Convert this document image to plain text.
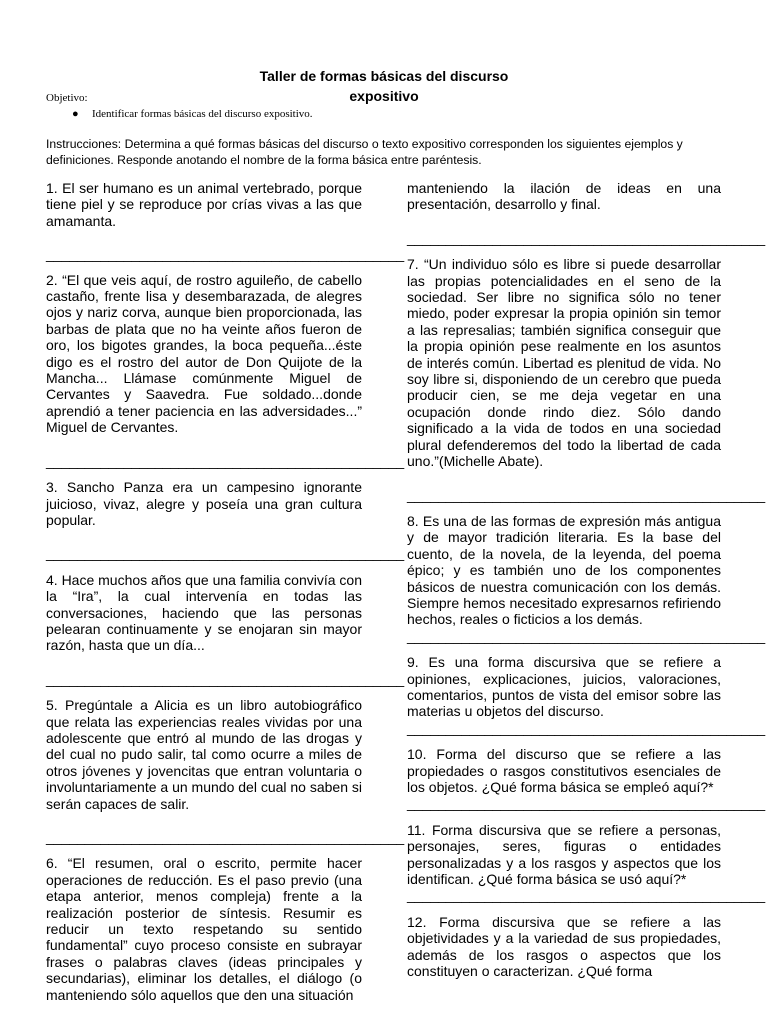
Taller de formas básicas del discurso
expositivo
Objetivo:
● Identificar formas básicas del discurso expositivo.
Instrucciones: Determina a qué formas básicas del discurso o texto expositivo corresponden los siguientes ejemplos y definiciones. Responde anotando el nombre de la forma básica entre paréntesis.

1. El ser humano es un animal vertebrado, porque tiene piel y se reproduce por crías vivas a las que amamanta.

______________________________________________

2. “El que veis aquí, de rostro aguileño, de cabello castaño, frente lisa y desembarazada, de alegres ojos y nariz corva, aunque bien proporcionada, las barbas de plata que no ha veinte años fueron de oro, los bigotes grandes, la boca pequeña...éste digo es el rostro del autor de Don Quijote de la Mancha... Llámase comúnmente Miguel de Cervantes y Saavedra. Fue soldado...donde aprendió a tener paciencia en las adversidades...” Miguel de Cervantes.

______________________________________________

3. Sancho Panza era un campesino ignorante juicioso, vivaz, alegre y poseía una gran cultura popular.

______________________________________________

4. Hace muchos años que una familia convivía con la “Ira”, la cual intervenía en todas las conversaciones, haciendo que las personas pelearan continuamente y se enojaran sin mayor razón, hasta que un día...

______________________________________________

5. Pregúntale a Alicia es un libro autobiográfico que relata las experiencias reales vividas por una adolescente que entró al mundo de las drogas y del cual no pudo salir, tal como ocurre a miles de otros jóvenes y jovencitas que entran voluntaria o involuntariamente a un mundo del cual no saben si serán capaces de salir.

______________________________________________

6. “El resumen, oral o escrito, permite hacer operaciones de reducción. Es el paso previo (una etapa anterior, menos compleja) frente a la realización posterior de síntesis. Resumir es reducir un texto respetando su sentido fundamental” cuyo proceso consiste en subrayar frases o palabras claves (ideas principales y secundarias), eliminar los detalles, el diálogo (o manteniendo sólo aquellos que den una situación

manteniendo la ilación de ideas en una presentación, desarrollo y final.

______________________________________________

7. “Un individuo sólo es libre si puede desarrollar las propias potencialidades en el seno de la sociedad. Ser libre no significa sólo no tener miedo, poder expresar la propia opinión sin temor a las represalias; también significa conseguir que la propia opinión pese realmente en los asuntos de interés común. Libertad es plenitud de vida. No soy libre si, disponiendo de un cerebro que pueda producir cien, se me deja vegetar en una ocupación donde rindo diez. Sólo dando significado a la vida de todos en una sociedad plural defenderemos del todo la libertad de cada uno.”(Michelle Abate).

______________________________________________

8. Es una de las formas de expresión más antigua y de mayor tradición literaria. Es la base del cuento, de la novela, de la leyenda, del poema épico; y es también uno de los componentes básicos de nuestra comunicación con los demás. Siempre hemos necesitado expresarnos refiriendo hechos, reales o ficticios a los demás.

______________________________________________

9. Es una forma discursiva que se refiere a opiniones, explicaciones, juicios, valoraciones, comentarios, puntos de vista del emisor sobre las materias u objetos del discurso.

______________________________________________

10. Forma del discurso que se refiere a las propiedades o rasgos constitutivos esenciales de los objetos. ¿Qué forma básica se empleó aquí?*

______________________________________________

11. Forma discursiva que se refiere a personas, personajes, seres, figuras o entidades personalizadas y a los rasgos y aspectos que los identifican. ¿Qué forma básica se usó aquí?*

______________________________________________

12. Forma discursiva que se refiere a las objetividades y a la variedad de sus propiedades, además de los rasgos o aspectos que los constituyen o caracterizan. ¿Qué forma
